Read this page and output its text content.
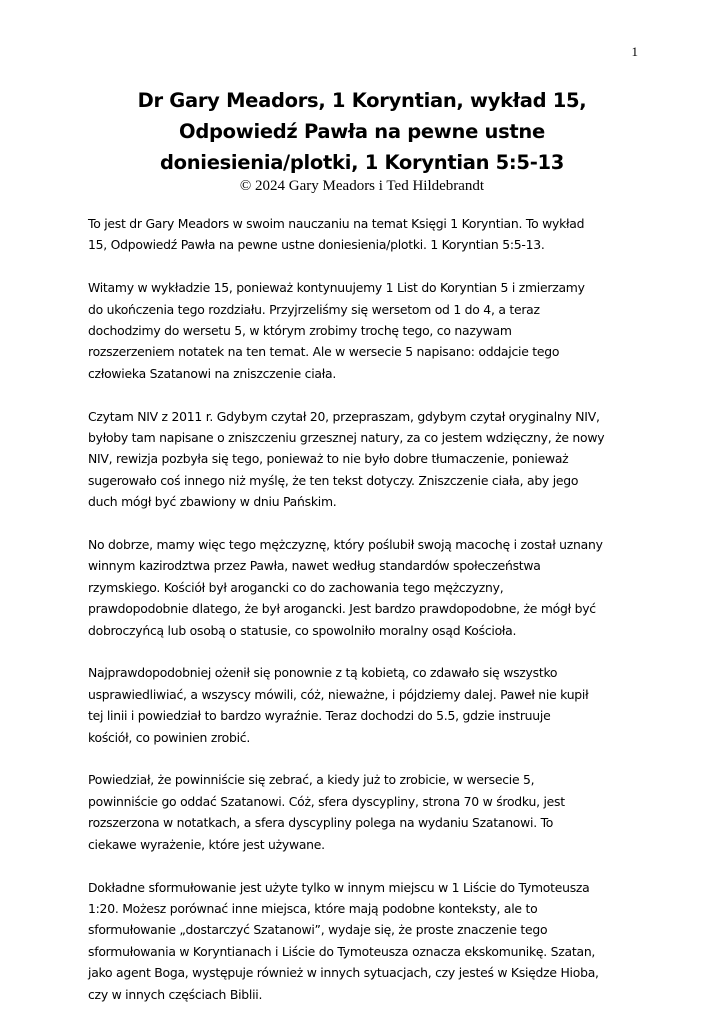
1
Dr Gary Meadors, 1 Koryntian, wykład 15,
Odpowiedź Pawła na pewne ustne
doniesienia/plotki, 1 Koryntian 5:5-13
© 2024 Gary Meadors i Ted Hildebrandt

To jest dr Gary Meadors w swoim nauczaniu na temat Księgi 1 Koryntian. To wykład
15, Odpowiedź Pawła na pewne ustne doniesienia/plotki. 1 Koryntian 5:5-13.

Witamy w wykładzie 15, ponieważ kontynuujemy 1 List do Koryntian 5 i zmierzamy
do ukończenia tego rozdziału. Przyjrzeliśmy się wersetom od 1 do 4, a teraz
dochodzimy do wersetu 5, w którym zrobimy trochę tego, co nazywam
rozszerzeniem notatek na ten temat. Ale w wersecie 5 napisano: oddajcie tego
człowieka Szatanowi na zniszczenie ciała.

Czytam NIV z 2011 r. Gdybym czytał 20, przepraszam, gdybym czytał oryginalny NIV,
byłoby tam napisane o zniszczeniu grzesznej natury, za co jestem wdzięczny, że nowy
NIV, rewizja pozbyła się tego, ponieważ to nie było dobre tłumaczenie, ponieważ
sugerowało coś innego niż myślę, że ten tekst dotyczy. Zniszczenie ciała, aby jego
duch mógł być zbawiony w dniu Pańskim.

No dobrze, mamy więc tego mężczyznę, który poślubił swoją macochę i został uznany
winnym kazirodztwa przez Pawła, nawet według standardów społeczeństwa
rzymskiego. Kościół był arogancki co do zachowania tego mężczyzny,
prawdopodobnie dlatego, że był arogancki. Jest bardzo prawdopodobne, że mógł być
dobroczyńcą lub osobą o statusie, co spowolniło moralny osąd Kościoła.

Najprawdopodobniej ożenił się ponownie z tą kobietą, co zdawało się wszystko
usprawiedliwiać, a wszyscy mówili, cóż, nieważne, i pójdziemy dalej. Paweł nie kupił
tej linii i powiedział to bardzo wyraźnie. Teraz dochodzi do 5.5, gdzie instruuje
kościół, co powinien zrobić.

Powiedział, że powinniście się zebrać, a kiedy już to zrobicie, w wersecie 5,
powinniście go oddać Szatanowi. Cóż, sfera dyscypliny, strona 70 w środku, jest
rozszerzona w notatkach, a sfera dyscypliny polega na wydaniu Szatanowi. To
ciekawe wyrażenie, które jest używane.

Dokładne sformułowanie jest użyte tylko w innym miejscu w 1 Liście do Tymoteusza
1:20. Możesz porównać inne miejsca, które mają podobne konteksty, ale to
sformułowanie „dostarczyć Szatanowi”, wydaje się, że proste znaczenie tego
sformułowania w Koryntianach i Liście do Tymoteusza oznacza ekskomunikę. Szatan,
jako agent Boga, występuje również w innych sytuacjach, czy jesteś w Księdze Hioba,
czy w innych częściach Biblii.
